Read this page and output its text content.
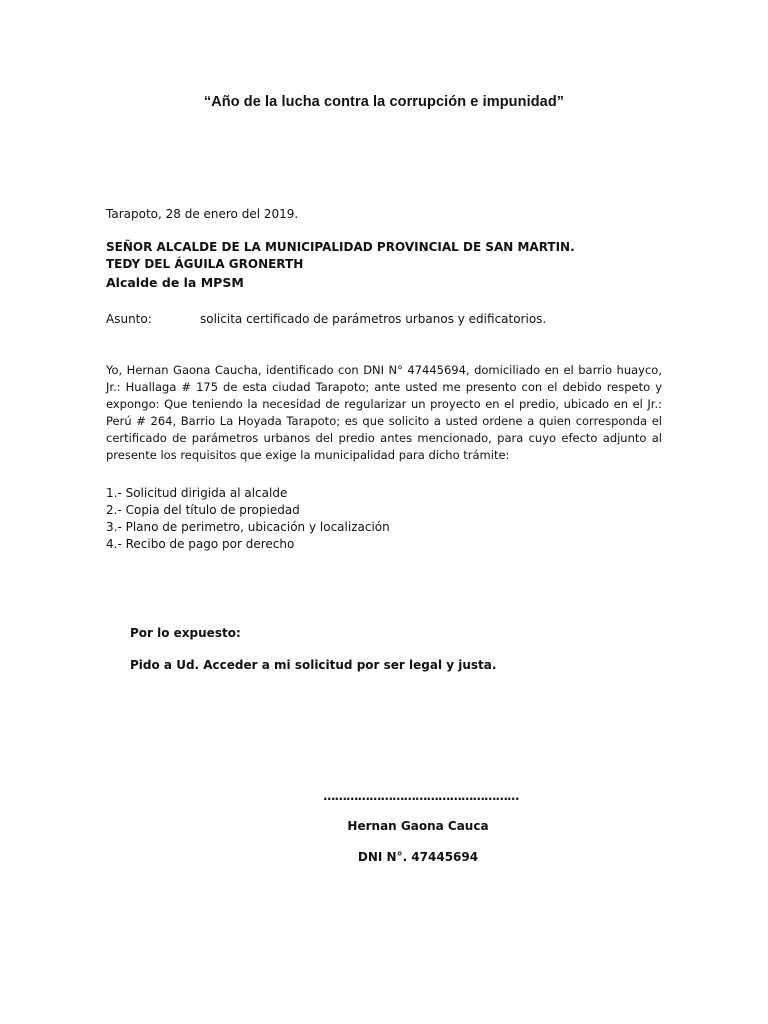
“Año de la lucha contra la corrupción e impunidad”
Tarapoto, 28 de enero del 2019.
SEÑOR ALCALDE DE LA MUNICIPALIDAD PROVINCIAL DE SAN MARTIN.
TEDY DEL ÁGUILA GRONERTH
Alcalde de la MPSM
Asunto:	solicita certificado de parámetros urbanos y edificatorios.
Yo, Hernan Gaona Caucha, identificado con DNI N° 47445694, domiciliado en el barrio huayco, Jr.: Huallaga # 175 de esta ciudad Tarapoto; ante usted me presento con el debido respeto y expongo: Que teniendo la necesidad de regularizar un proyecto en el predio, ubicado en el Jr.: Perú # 264, Barrio La Hoyada Tarapoto; es que solicito a usted ordene a quien corresponda el certificado de parámetros urbanos del predio antes mencionado, para cuyo efecto adjunto al presente los requisitos que exige la municipalidad para dicho trámite:
1.- Solicitud dirigida al alcalde
2.- Copia del título de propiedad
3.- Plano de perimetro, ubicación y localización
4.- Recibo de pago por derecho
Por lo expuesto:
Pido a Ud. Acceder a mi solicitud por ser legal y justa.
……………………………………………
Hernan Gaona Cauca
DNI N°. 47445694
